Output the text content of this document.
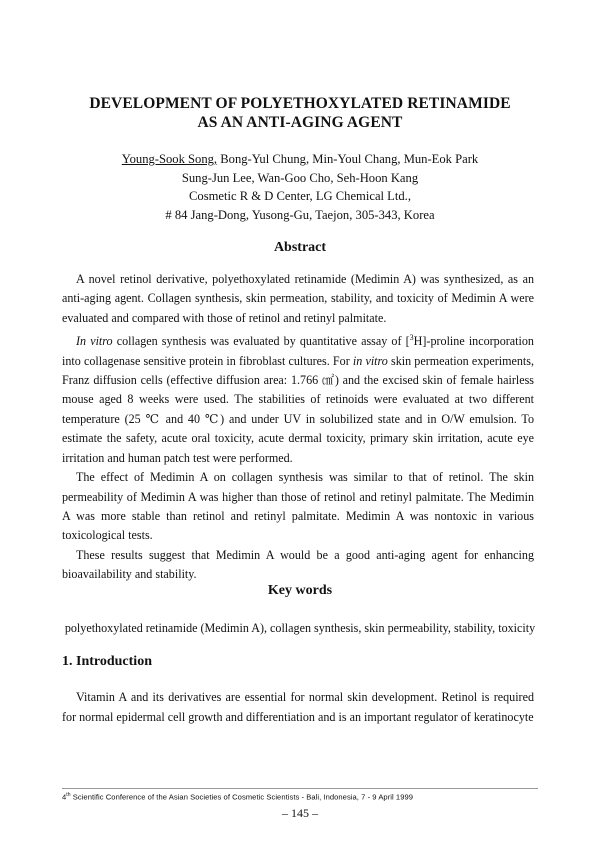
DEVELOPMENT OF POLYETHOXYLATED RETINAMIDE
AS AN ANTI-AGING AGENT
Young-Sook Song, Bong-Yul Chung, Min-Youl Chang, Mun-Eok Park
Sung-Jun Lee, Wan-Goo Cho, Seh-Hoon Kang
Cosmetic R & D Center, LG Chemical Ltd.,
# 84 Jang-Dong, Yusong-Gu, Taejon, 305-343, Korea
Abstract

A novel retinol derivative, polyethoxylated retinamide (Medimin A) was synthesized, as an anti-aging agent. Collagen synthesis, skin permeation, stability, and toxicity of Medimin A were evaluated and compared with those of retinol and retinyl palmitate.

In vitro collagen synthesis was evaluated by quantitative assay of [$^3$H]-proline incorporation into collagenase sensitive protein in fibroblast cultures. For in vitro skin permeation experiments, Franz diffusion cells (effective diffusion area: 1.766 ㎠) and the excised skin of female hairless mouse aged 8 weeks were used. The stabilities of retinoids were evaluated at two different temperature (25 ℃ and 40 ℃) and under UV in solubilized state and in O/W emulsion. To estimate the safety, acute oral toxicity, acute dermal toxicity, primary skin irritation, acute eye irritation and human patch test were performed.

The effect of Medimin A on collagen synthesis was similar to that of retinol. The skin permeability of Medimin A was higher than those of retinol and retinyl palmitate. The Medimin A was more stable than retinol and retinyl palmitate. Medimin A was nontoxic in various toxicological tests.

These results suggest that Medimin A would be a good anti-aging agent for enhancing bioavailability and stability.

Key words
polyethoxylated retinamide (Medimin A), collagen synthesis, skin permeability, stability, toxicity
1. Introduction

Vitamin A and its derivatives are essential for normal skin development. Retinol is required for normal epidermal cell growth and differentiation and is an important regulator of keratinocyte

4th Scientific Conference of the Asian Societies of Cosmetic Scientists - Bali, Indonesia, 7 - 9 April 1999
– 145 –
